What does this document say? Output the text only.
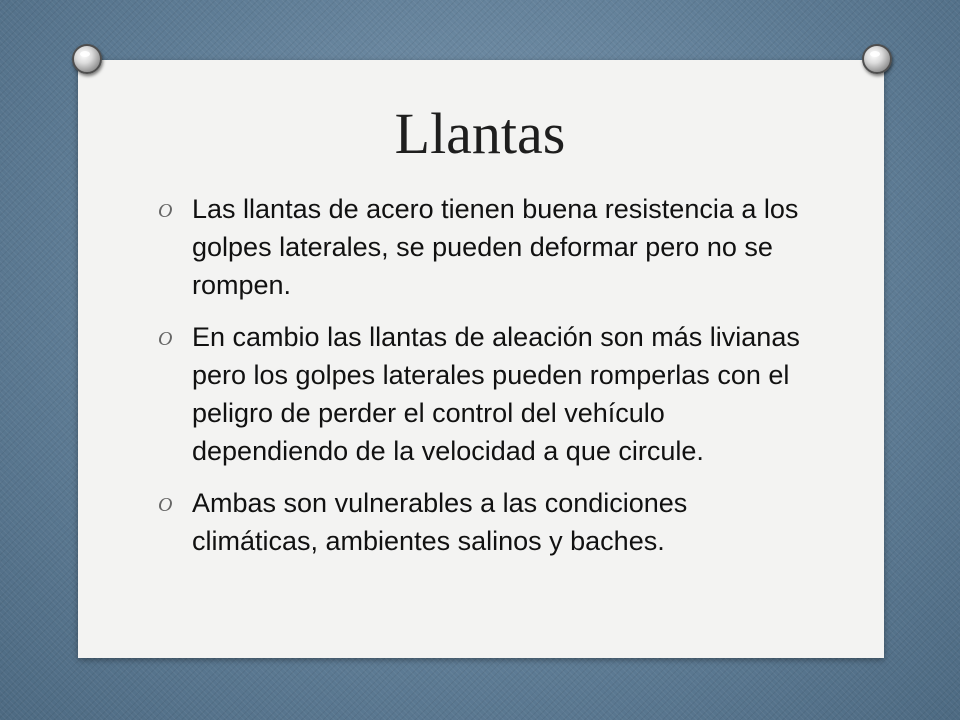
Llantas
O Las llantas de acero tienen buena resistencia a los golpes laterales, se pueden deformar pero no se rompen.
O En cambio las llantas de aleación son más livianas pero los golpes laterales pueden romperlas con el peligro de perder el control del vehículo dependiendo de la velocidad a que circule.
O Ambas son vulnerables a las condiciones climáticas, ambientes salinos y baches.
